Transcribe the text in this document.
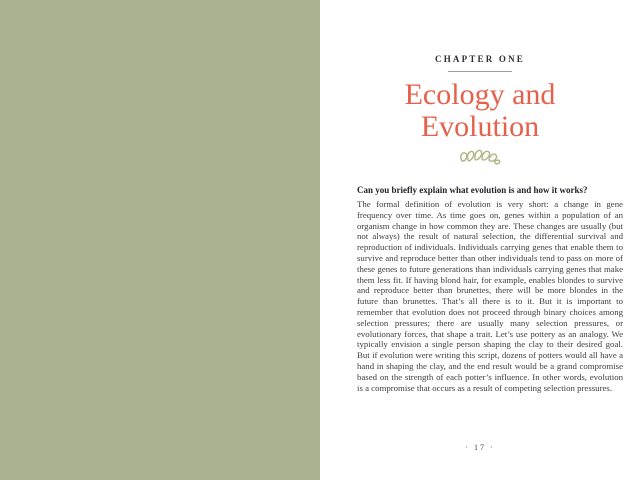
CHAPTER ONE
Ecology and
Evolution

Can you briefly explain what evolution is and how it works?

The formal definition of evolution is very short: a change in gene frequency over time. As time goes on, genes within a population of an organism change in how common they are. These changes are usually (but not always) the result of natural selection, the differential survival and reproduction of individuals. Individuals carrying genes that enable them to survive and reproduce better than other individuals tend to pass on more of these genes to future generations than individuals carrying genes that make them less fit. If having blond hair, for example, enables blondes to survive and reproduce better than brunettes, there will be more blondes in the future than brunettes. That’s all there is to it. But it is important to remember that evolution does not proceed through binary choices among selection pressures; there are usually many selection pressures, or evolutionary forces, that shape a trait. Let’s use pottery as an analogy. We typically envision a single person shaping the clay to their desired goal. But if evolution were writing this script, dozens of potters would all have a hand in shaping the clay, and the end result would be a grand compromise based on the strength of each potter’s influence. In other words, evolution is a compromise that occurs as a result of competing selection pressures.

· 17 ·
